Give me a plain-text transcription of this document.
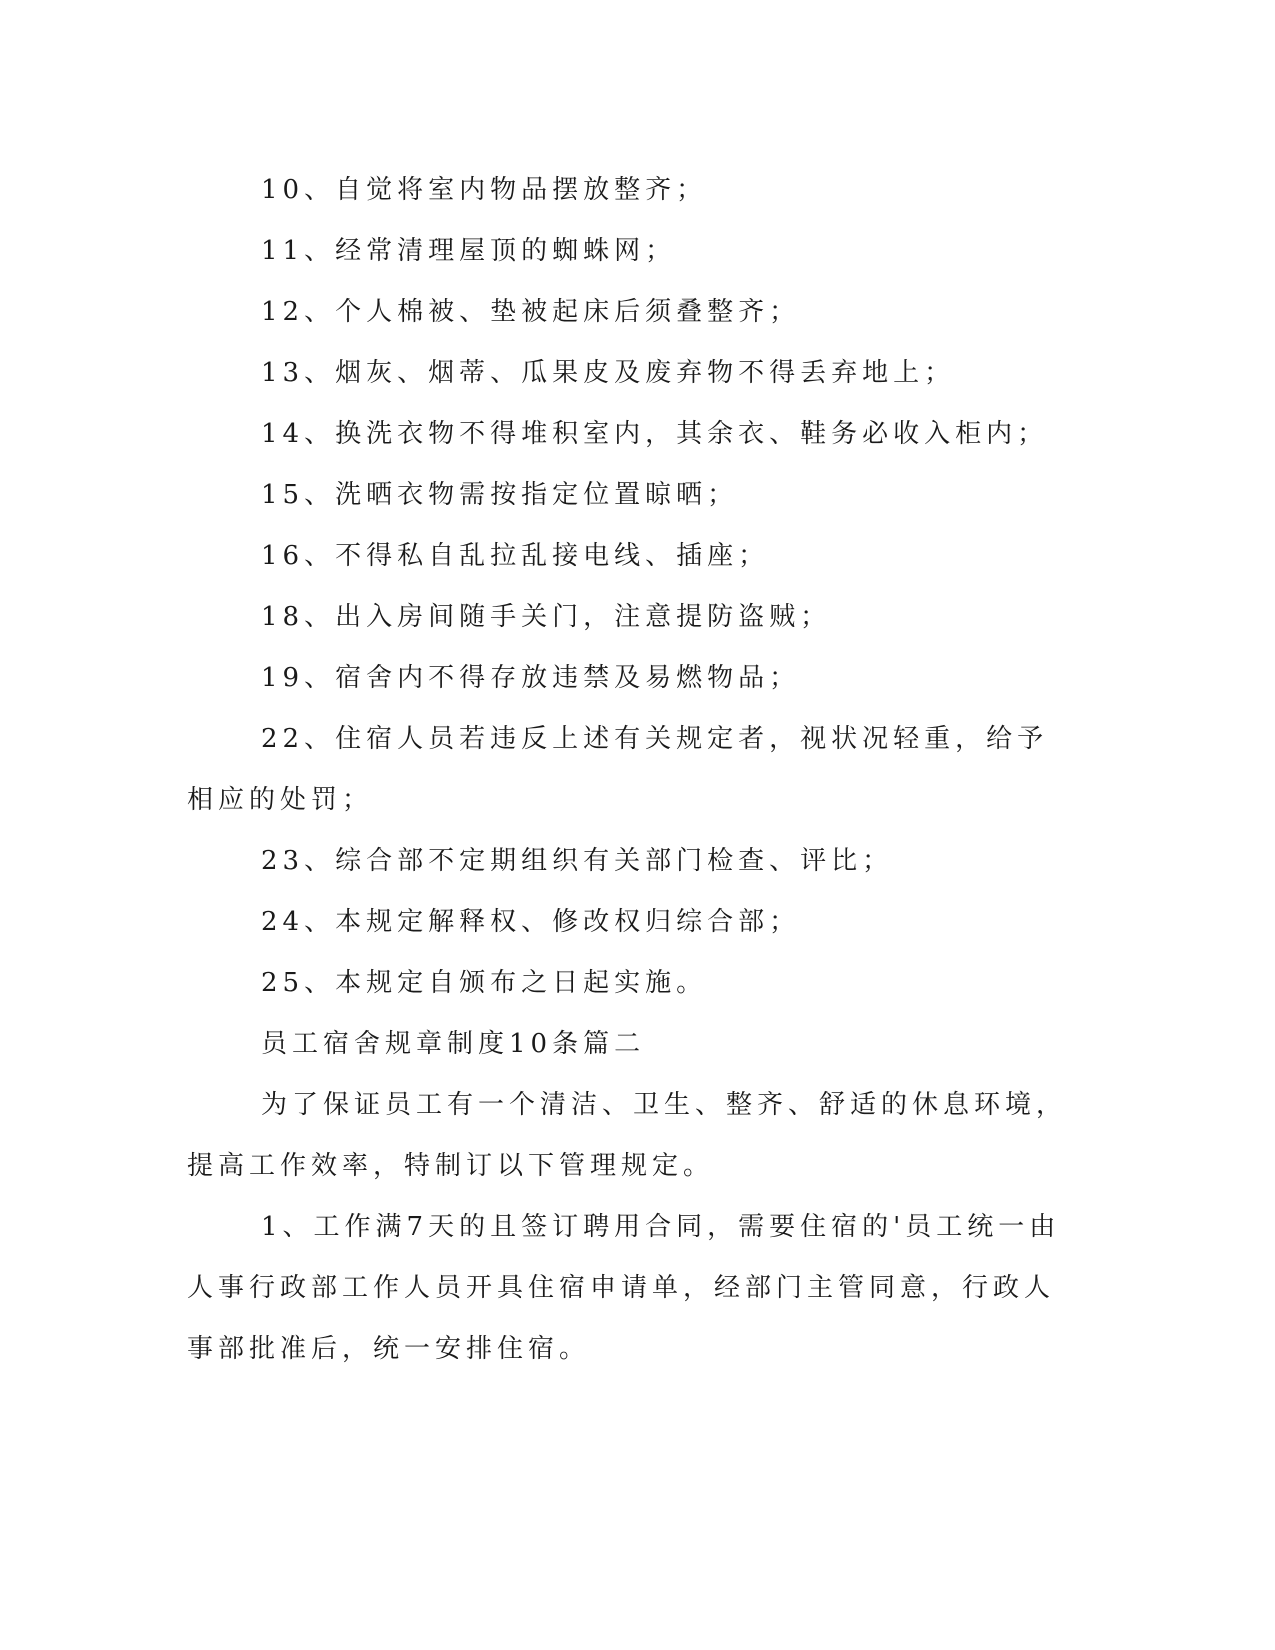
10、自觉将室内物品摆放整齐；

11、经常清理屋顶的蜘蛛网；

12、个人棉被、垫被起床后须叠整齐；

13、烟灰、烟蒂、瓜果皮及废弃物不得丢弃地上；

14、换洗衣物不得堆积室内，其余衣、鞋务必收入柜内；

15、洗晒衣物需按指定位置晾晒；

16、不得私自乱拉乱接电线、插座；

18、出入房间随手关门，注意提防盗贼；

19、宿舍内不得存放违禁及易燃物品；

22、住宿人员若违反上述有关规定者，视状况轻重，给予相应的处罚；

23、综合部不定期组织有关部门检查、评比；

24、本规定解释权、修改权归综合部；

25、本规定自颁布之日起实施。

员工宿舍规章制度10条篇二

为了保证员工有一个清洁、卫生、整齐、舒适的休息环境，提高工作效率，特制订以下管理规定。

1、工作满7天的且签订聘用合同，需要住宿的'员工统一由人事行政部工作人员开具住宿申请单，经部门主管同意，行政人事部批准后，统一安排住宿。
